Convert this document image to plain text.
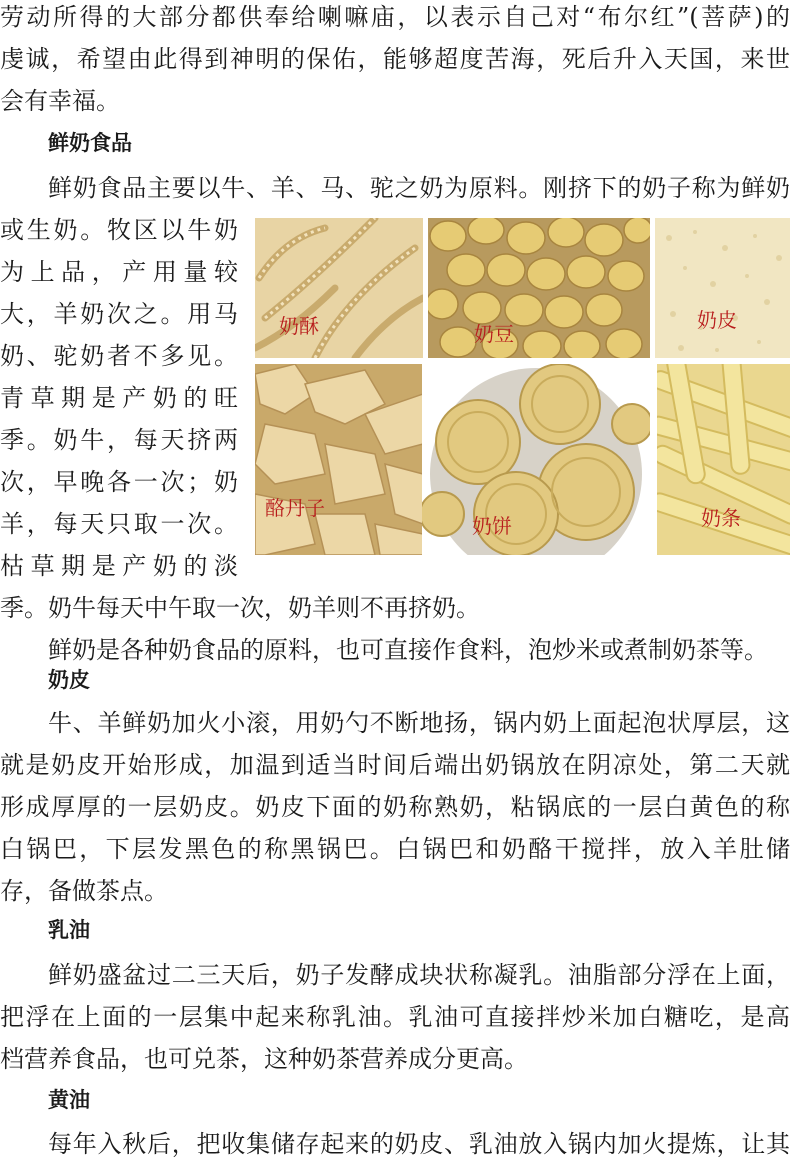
劳动所得的大部分都供奉给喇嘛庙，以表示自己对“布尔红”(菩萨)的
虔诚，希望由此得到神明的保佑，能够超度苦海，死后升入天国，来世
会有幸福。
鲜奶食品
鲜奶食品主要以牛、羊、马、驼之奶为原料。刚挤下的奶子称为鲜奶
或生奶。牧区以牛奶
为上品，产用量较
大，羊奶次之。用马
奶、驼奶者不多见。
青草期是产奶的旺
季。奶牛，每天挤两
次，早晚各一次；奶
羊，每天只取一次。
枯草期是产奶的淡
季。奶牛每天中午取一次，奶羊则不再挤奶。
鲜奶是各种奶食品的原料，也可直接作食料，泡炒米或煮制奶茶等。
奶酥	奶豆
奶皮
酪丹子
奶饼	奶条
奶皮
牛、羊鲜奶加火小滚，用奶勺不断地扬，锅内奶上面起泡状厚层，这
就是奶皮开始形成，加温到适当时间后端出奶锅放在阴凉处，第二天就
形成厚厚的一层奶皮。奶皮下面的奶称熟奶，粘锅底的一层白黄色的称
白锅巴，下层发黑色的称黑锅巴。白锅巴和奶酪干搅拌，放入羊肚储
存，备做茶点。
乳油
鲜奶盛盆过二三天后，奶子发酵成块状称凝乳。油脂部分浮在上面，
把浮在上面的一层集中起来称乳油。乳油可直接拌炒米加白糖吃，是高
档营养食品，也可兑茶，这种奶茶营养成分更高。
黄油
每年入秋后，把收集储存起来的奶皮、乳油放入锅内加火提炼，让其
